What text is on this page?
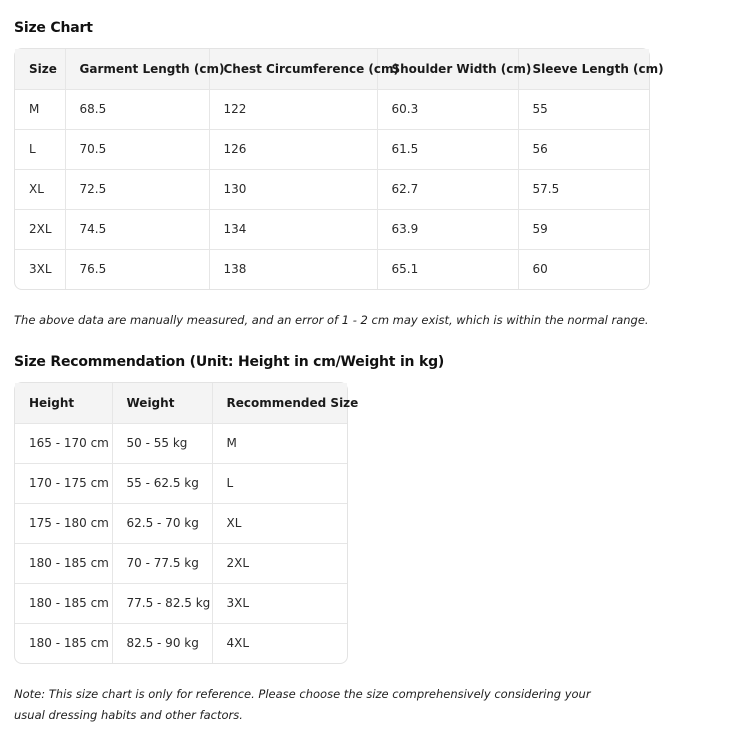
Size Chart
Size	Garment Length (cm)	Chest Circumference (cm)	Shoulder Width (cm)	Sleeve Length (cm)
M	68.5	122	60.3	55
L	70.5	126	61.5	56
XL	72.5	130	62.7	57.5
2XL	74.5	134	63.9	59
3XL	76.5	138	65.1	60

The above data are manually measured, and an error of 1 - 2 cm may exist, which is within the normal range.

Size Recommendation (Unit: Height in cm/Weight in kg)
Height	Weight	Recommended Size
165 - 170 cm	50 - 55 kg	M
170 - 175 cm	55 - 62.5 kg	L
175 - 180 cm	62.5 - 70 kg	XL
180 - 185 cm	70 - 77.5 kg	2XL
180 - 185 cm	77.5 - 82.5 kg	3XL
180 - 185 cm	82.5 - 90 kg	4XL

Note: This size chart is only for reference. Please choose the size comprehensively considering your usual dressing habits and other factors.
